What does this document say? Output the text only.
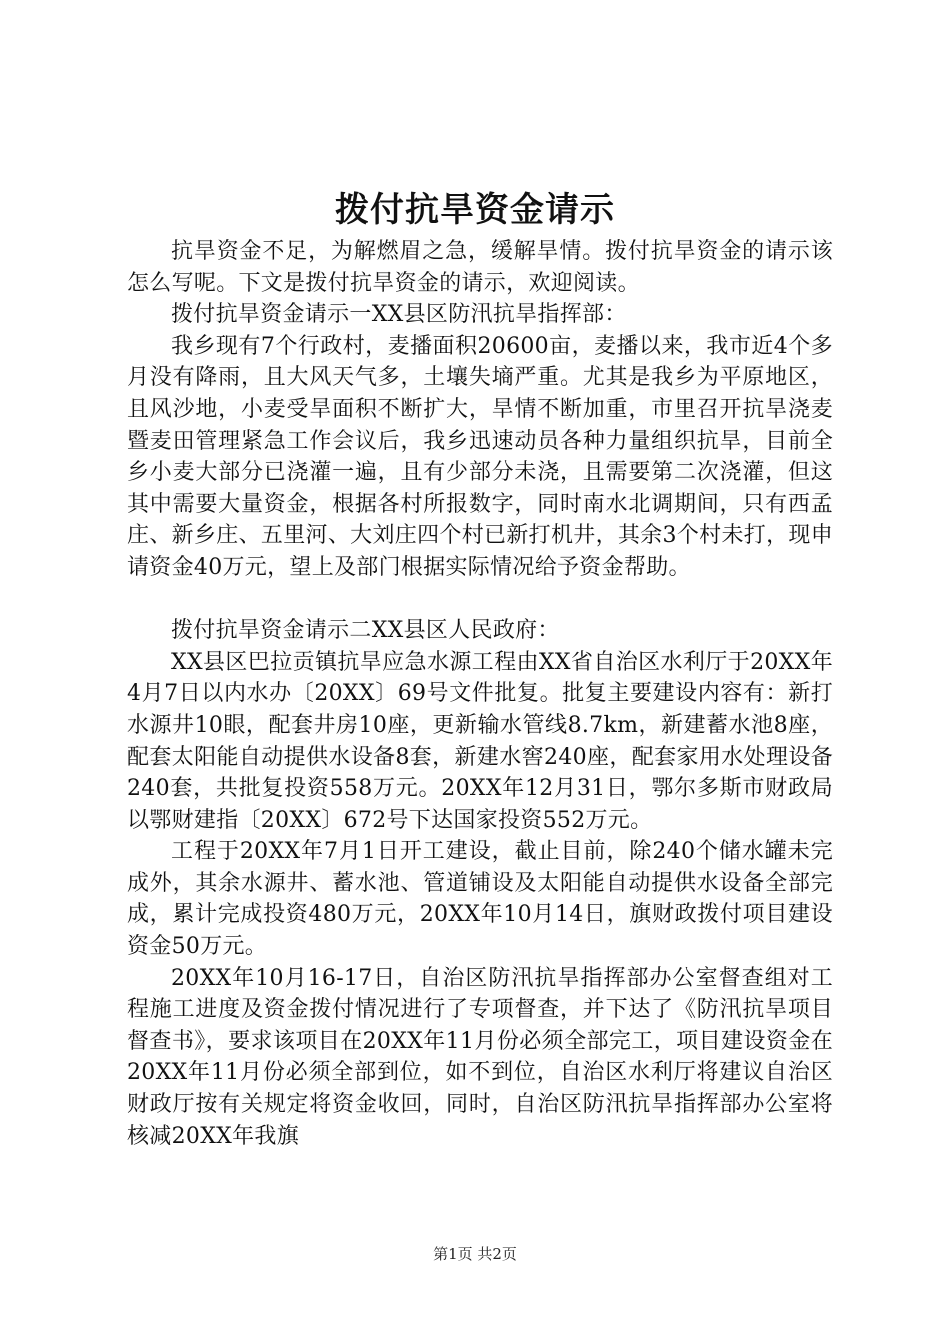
拨付抗旱资金请示

抗旱资金不足，为解燃眉之急，缓解旱情。拨付抗旱资金的请示该怎么写呢。下文是拨付抗旱资金的请示，欢迎阅读。

拨付抗旱资金请示一XX县区防汛抗旱指挥部：

我乡现有7个行政村，麦播面积20600亩，麦播以来，我市近4个多月没有降雨，且大风天气多，土壤失墒严重。尤其是我乡为平原地区，且风沙地，小麦受旱面积不断扩大，旱情不断加重，市里召开抗旱浇麦暨麦田管理紧急工作会议后，我乡迅速动员各种力量组织抗旱，目前全乡小麦大部分已浇灌一遍，且有少部分未浇，且需要第二次浇灌，但这其中需要大量资金，根据各村所报数字，同时南水北调期间，只有西孟庄、新乡庄、五里河、大刘庄四个村已新打机井，其余3个村未打，现申请资金40万元，望上及部门根据实际情况给予资金帮助。

拨付抗旱资金请示二XX县区人民政府：

XX县区巴拉贡镇抗旱应急水源工程由XX省自治区水利厅于20XX年4月7日以内水办〔20XX〕69号文件批复。批复主要建设内容有：新打水源井10眼，配套井房10座，更新输水管线8.7km，新建蓄水池8座，配套太阳能自动提供水设备8套，新建水窖240座，配套家用水处理设备240套，共批复投资558万元。20XX年12月31日，鄂尔多斯市财政局以鄂财建指〔20XX〕672号下达国家投资552万元。

工程于20XX年7月1日开工建设，截止目前，除240个储水罐未完成外，其余水源井、蓄水池、管道铺设及太阳能自动提供水设备全部完成，累计完成投资480万元，20XX年10月14日，旗财政拨付项目建设资金50万元。

20XX年10月16-17日，自治区防汛抗旱指挥部办公室督查组对工程施工进度及资金拨付情况进行了专项督查，并下达了《防汛抗旱项目督查书》，要求该项目在20XX年11月份必须全部完工，项目建设资金在20XX年11月份必须全部到位，如不到位，自治区水利厅将建议自治区财政厅按有关规定将资金收回，同时，自治区防汛抗旱指挥部办公室将核减20XX年我旗

第1页 共2页
